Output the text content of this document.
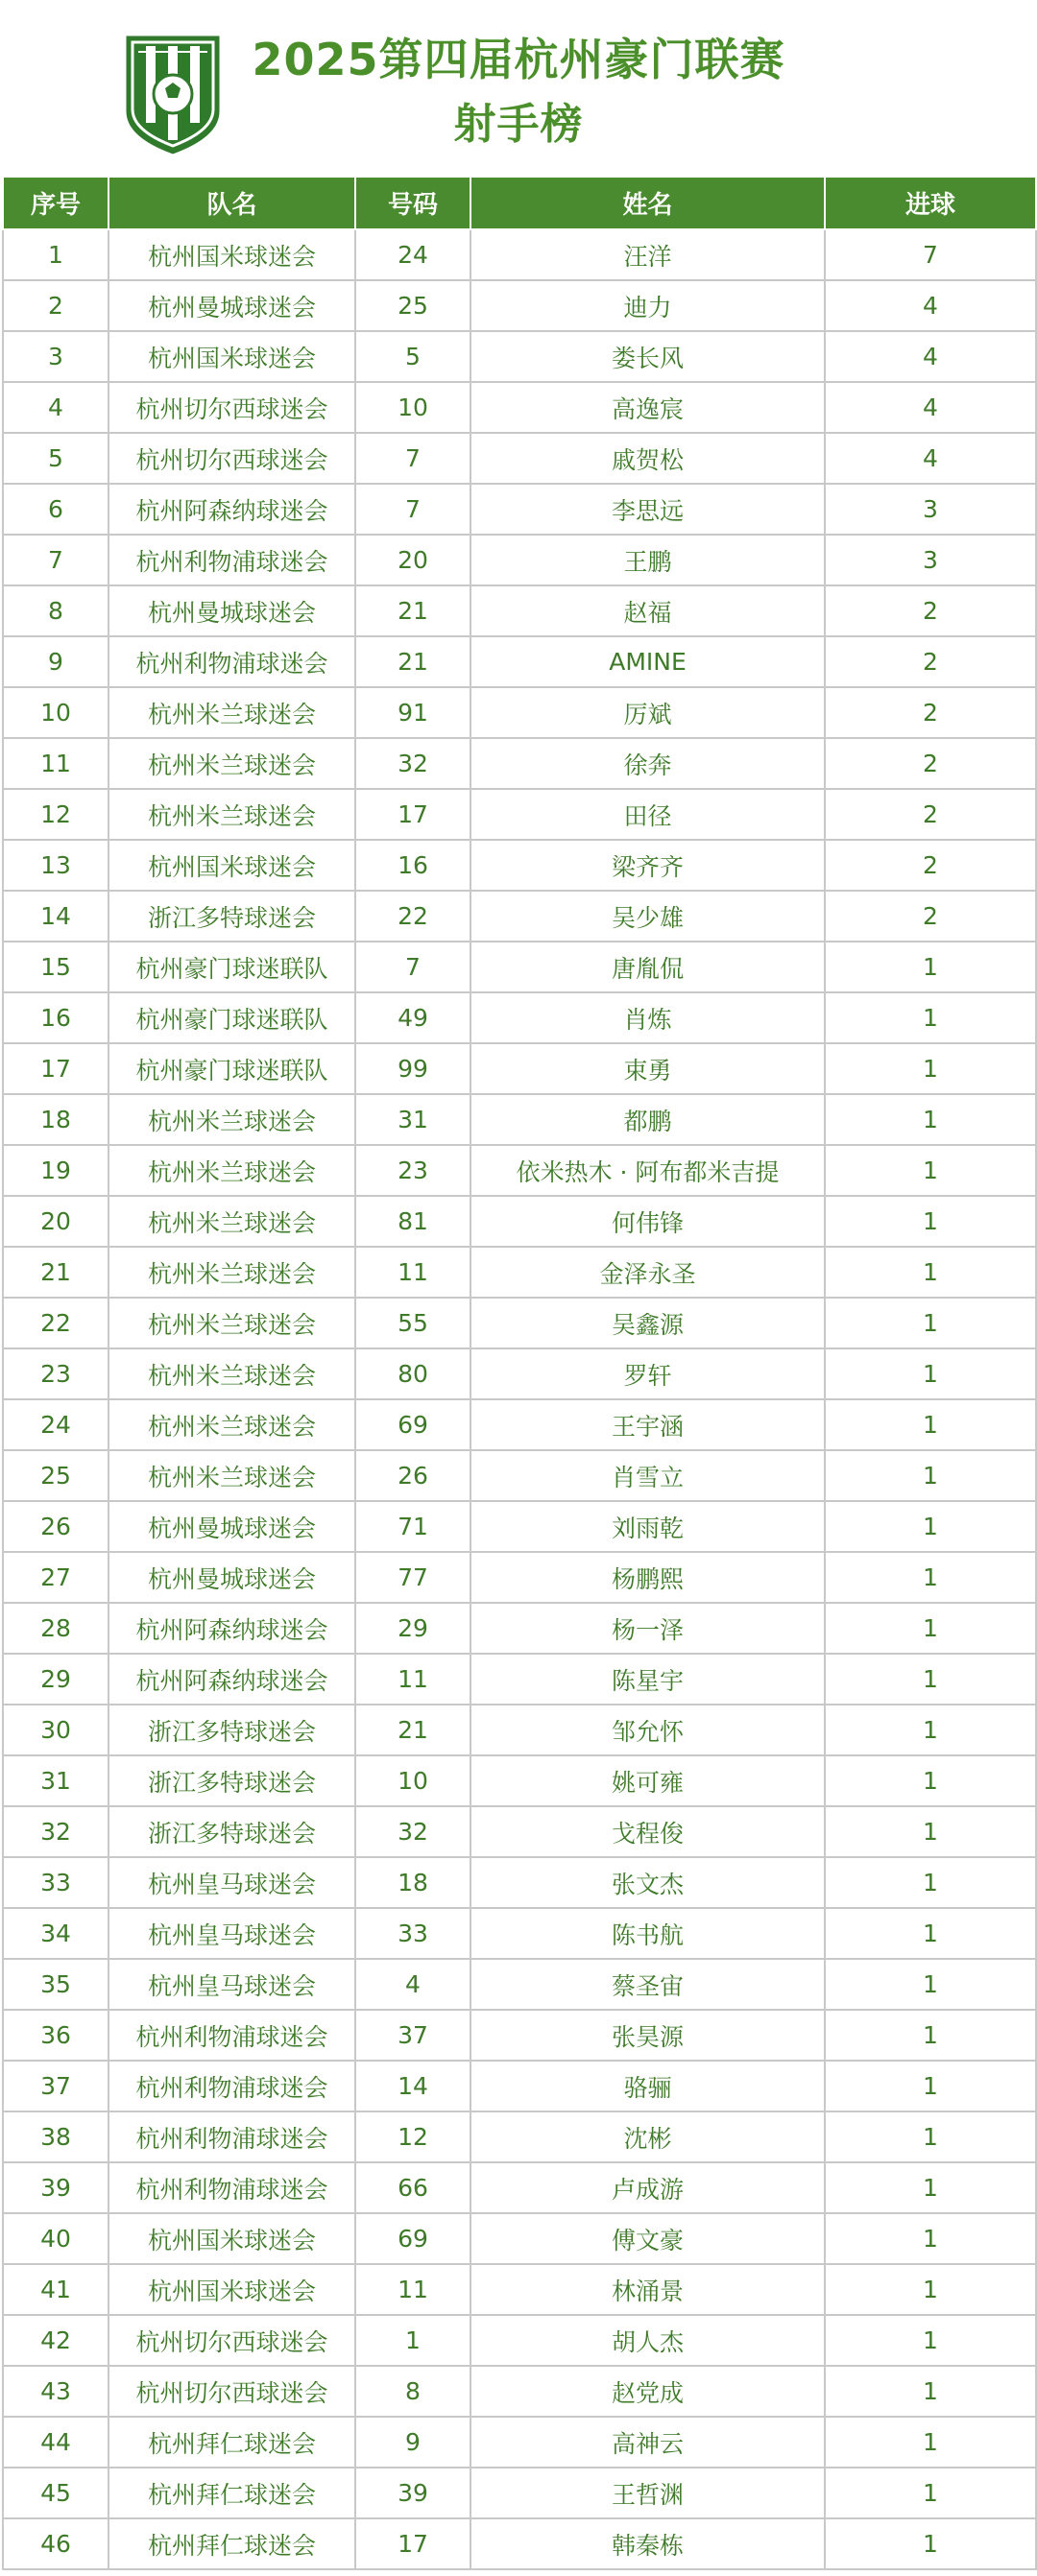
2025第四届杭州豪门联赛
射手榜
序号	队名	号码	姓名	进球
1	杭州国米球迷会	24	汪洋	7
2	杭州曼城球迷会	25	迪力	4
3	杭州国米球迷会	5	娄长风	4
4	杭州切尔西球迷会	10	高逸宸	4
5	杭州切尔西球迷会	7	戚贺松	4
6	杭州阿森纳球迷会	7	李思远	3
7	杭州利物浦球迷会	20	王鹏	3
8	杭州曼城球迷会	21	赵福	2
9	杭州利物浦球迷会	21	AMINE	2
10	杭州米兰球迷会	91	厉斌	2
11	杭州米兰球迷会	32	徐奔	2
12	杭州米兰球迷会	17	田径	2
13	杭州国米球迷会	16	梁齐齐	2
14	浙江多特球迷会	22	吴少雄	2
15	杭州豪门球迷联队	7	唐胤侃	1
16	杭州豪门球迷联队	49	肖炼	1
17	杭州豪门球迷联队	99	束勇	1
18	杭州米兰球迷会	31	都鹏	1
19	杭州米兰球迷会	23	依米热木 · 阿布都米吉提	1
20	杭州米兰球迷会	81	何伟锋	1
21	杭州米兰球迷会	11	金泽永圣	1
22	杭州米兰球迷会	55	吴鑫源	1
23	杭州米兰球迷会	80	罗轩	1
24	杭州米兰球迷会	69	王宇涵	1
25	杭州米兰球迷会	26	肖雪立	1
26	杭州曼城球迷会	71	刘雨乾	1
27	杭州曼城球迷会	77	杨鹏熙	1
28	杭州阿森纳球迷会	29	杨一泽	1
29	杭州阿森纳球迷会	11	陈星宇	1
30	浙江多特球迷会	21	邹允怀	1
31	浙江多特球迷会	10	姚可雍	1
32	浙江多特球迷会	32	戈程俊	1
33	杭州皇马球迷会	18	张文杰	1
34	杭州皇马球迷会	33	陈书航	1
35	杭州皇马球迷会	4	蔡圣宙	1
36	杭州利物浦球迷会	37	张昊源	1
37	杭州利物浦球迷会	14	骆骊	1
38	杭州利物浦球迷会	12	沈彬	1
39	杭州利物浦球迷会	66	卢成游	1
40	杭州国米球迷会	69	傅文豪	1
41	杭州国米球迷会	11	林涌景	1
42	杭州切尔西球迷会	1	胡人杰	1
43	杭州切尔西球迷会	8	赵党成	1
44	杭州拜仁球迷会	9	高神云	1
45	杭州拜仁球迷会	39	王哲渊	1
46	杭州拜仁球迷会	17	韩秦栋	1
